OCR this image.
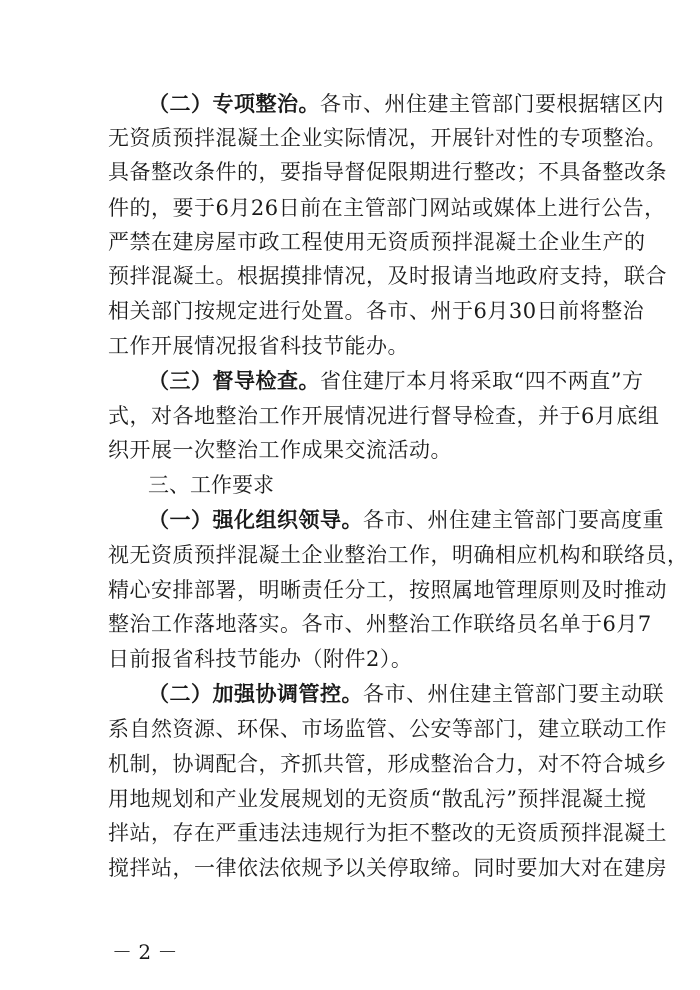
（二）专项整治。各市、州住建主管部门要根据辖区内
无资质预拌混凝土企业实际情况，开展针对性的专项整治。
具备整改条件的，要指导督促限期进行整改；不具备整改条
件的，要于6月26日前在主管部门网站或媒体上进行公告，
严禁在建房屋市政工程使用无资质预拌混凝土企业生产的
预拌混凝土。根据摸排情况，及时报请当地政府支持，联合
相关部门按规定进行处置。各市、州于6月30日前将整治
工作开展情况报省科技节能办。
（三）督导检查。省住建厅本月将采取“四不两直”方
式，对各地整治工作开展情况进行督导检查，并于6月底组
织开展一次整治工作成果交流活动。
三、工作要求
（一）强化组织领导。各市、州住建主管部门要高度重
视无资质预拌混凝土企业整治工作，明确相应机构和联络员，
精心安排部署，明晰责任分工，按照属地管理原则及时推动
整治工作落地落实。各市、州整治工作联络员名单于6月7
日前报省科技节能办（附件2）。
（二）加强协调管控。各市、州住建主管部门要主动联
系自然资源、环保、市场监管、公安等部门，建立联动工作
机制，协调配合，齐抓共管，形成整治合力，对不符合城乡
用地规划和产业发展规划的无资质“散乱污”预拌混凝土搅
拌站，存在严重违法违规行为拒不整改的无资质预拌混凝土
搅拌站，一律依法依规予以关停取缔。同时要加大对在建房
－ 2 －
